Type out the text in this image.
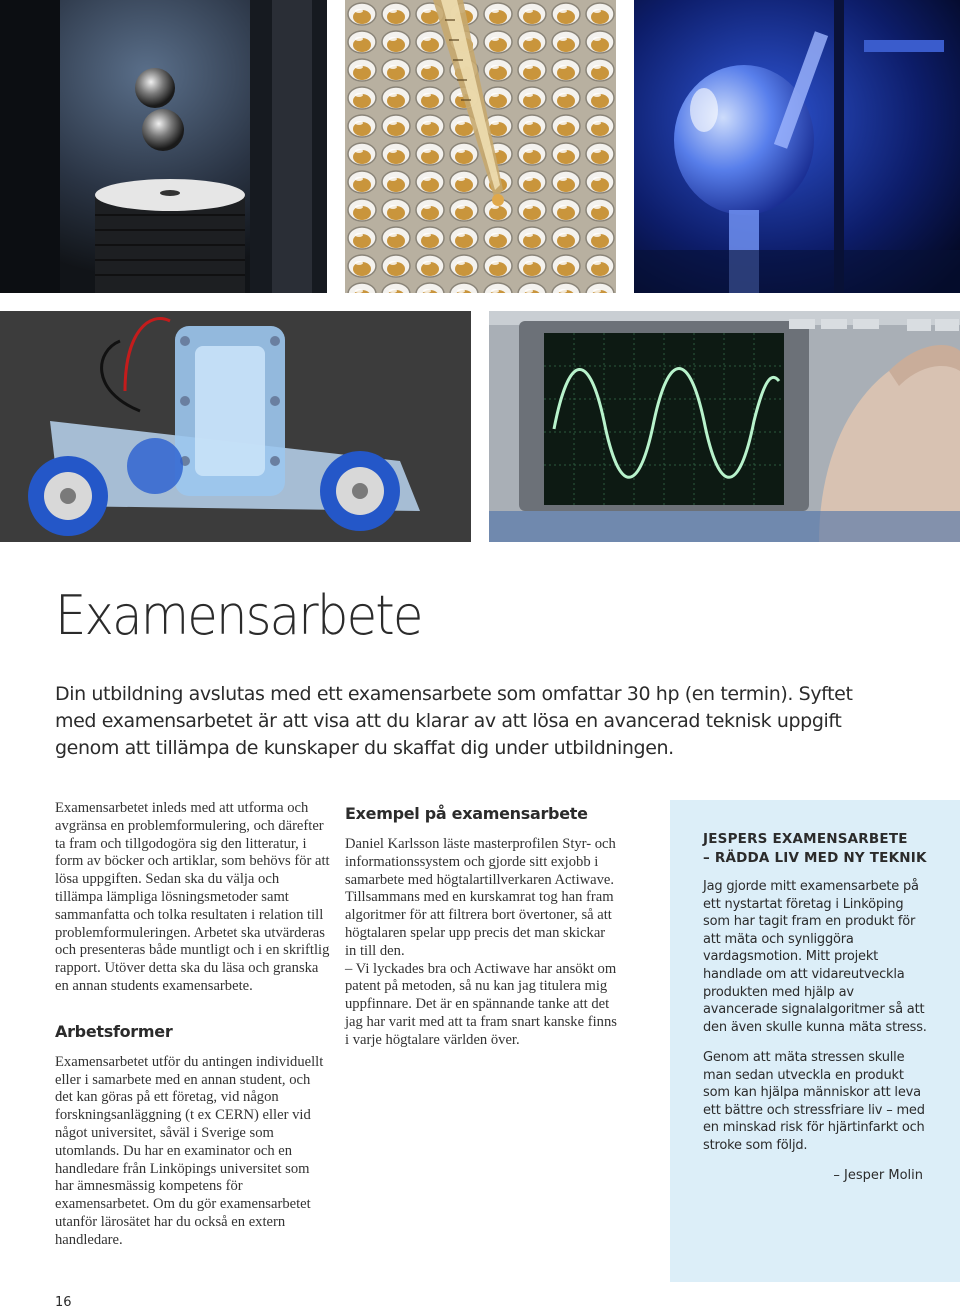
Examensarbete

Din utbildning avslutas med ett examensarbete som omfattar 30 hp (en termin). Syftet med examensarbetet är att visa att du klarar av att lösa en avancerad teknisk uppgift genom att tillämpa de kunskaper du skaffat dig under utbildningen.

Examensarbetet inleds med att utforma och avgränsa en problemformulering, och därefter ta fram och tillgodogöra sig den litteratur, i form av böcker och artiklar, som behövs för att lösa uppgiften. Sedan ska du välja och tillämpa lämpliga lösningsmetoder samt sammanfatta och tolka resultaten i relation till problemformuleringen. Arbetet ska utvärderas och presenteras både muntligt och i en skriftlig rapport. Utöver detta ska du läsa och granska en annan students examensarbete.

Arbetsformer

Examensarbetet utför du antingen individuellt eller i samarbete med en annan student, och det kan göras på ett företag, vid någon forskningsanläggning (t ex CERN) eller vid något universitet, såväl i Sverige som utomlands. Du har en examinator och en handledare från Linköpings universitet som har ämnesmässig kompetens för examensarbetet. Om du gör examensarbetet utanför lärosätet har du också en extern handledare.

Exempel på examensarbete

Daniel Karlsson läste masterprofilen Styr- och informationssystem och gjorde sitt exjobb i samarbete med högtalartillverkaren Actiwave. Tillsammans med en kurskamrat tog han fram algoritmer för att filtrera bort övertoner, så att högtalaren spelar upp precis det man skickar in till den.

– Vi lyckades bra och Actiwave har ansökt om patent på metoden, så nu kan jag titulera mig uppfinnare. Det är en spännande tanke att det jag har varit med att ta fram snart kanske finns i varje högtalare världen över.

JESPERS EXAMENSARBETE
– RÄDDA LIV MED NY TEKNIK

Jag gjorde mitt examensarbete på ett nystartat företag i Linköping som har tagit fram en produkt för att mäta och synliggöra vardagsmotion. Mitt projekt handlade om att vidareutveckla produkten med hjälp av avancerade signalalgoritmer så att den även skulle kunna mäta stress.

Genom att mäta stressen skulle man sedan utveckla en produkt som kan hjälpa människor att leva ett bättre och stressfriare liv – med en minskad risk för hjärtinfarkt och stroke som följd.

– Jesper Molin

16
